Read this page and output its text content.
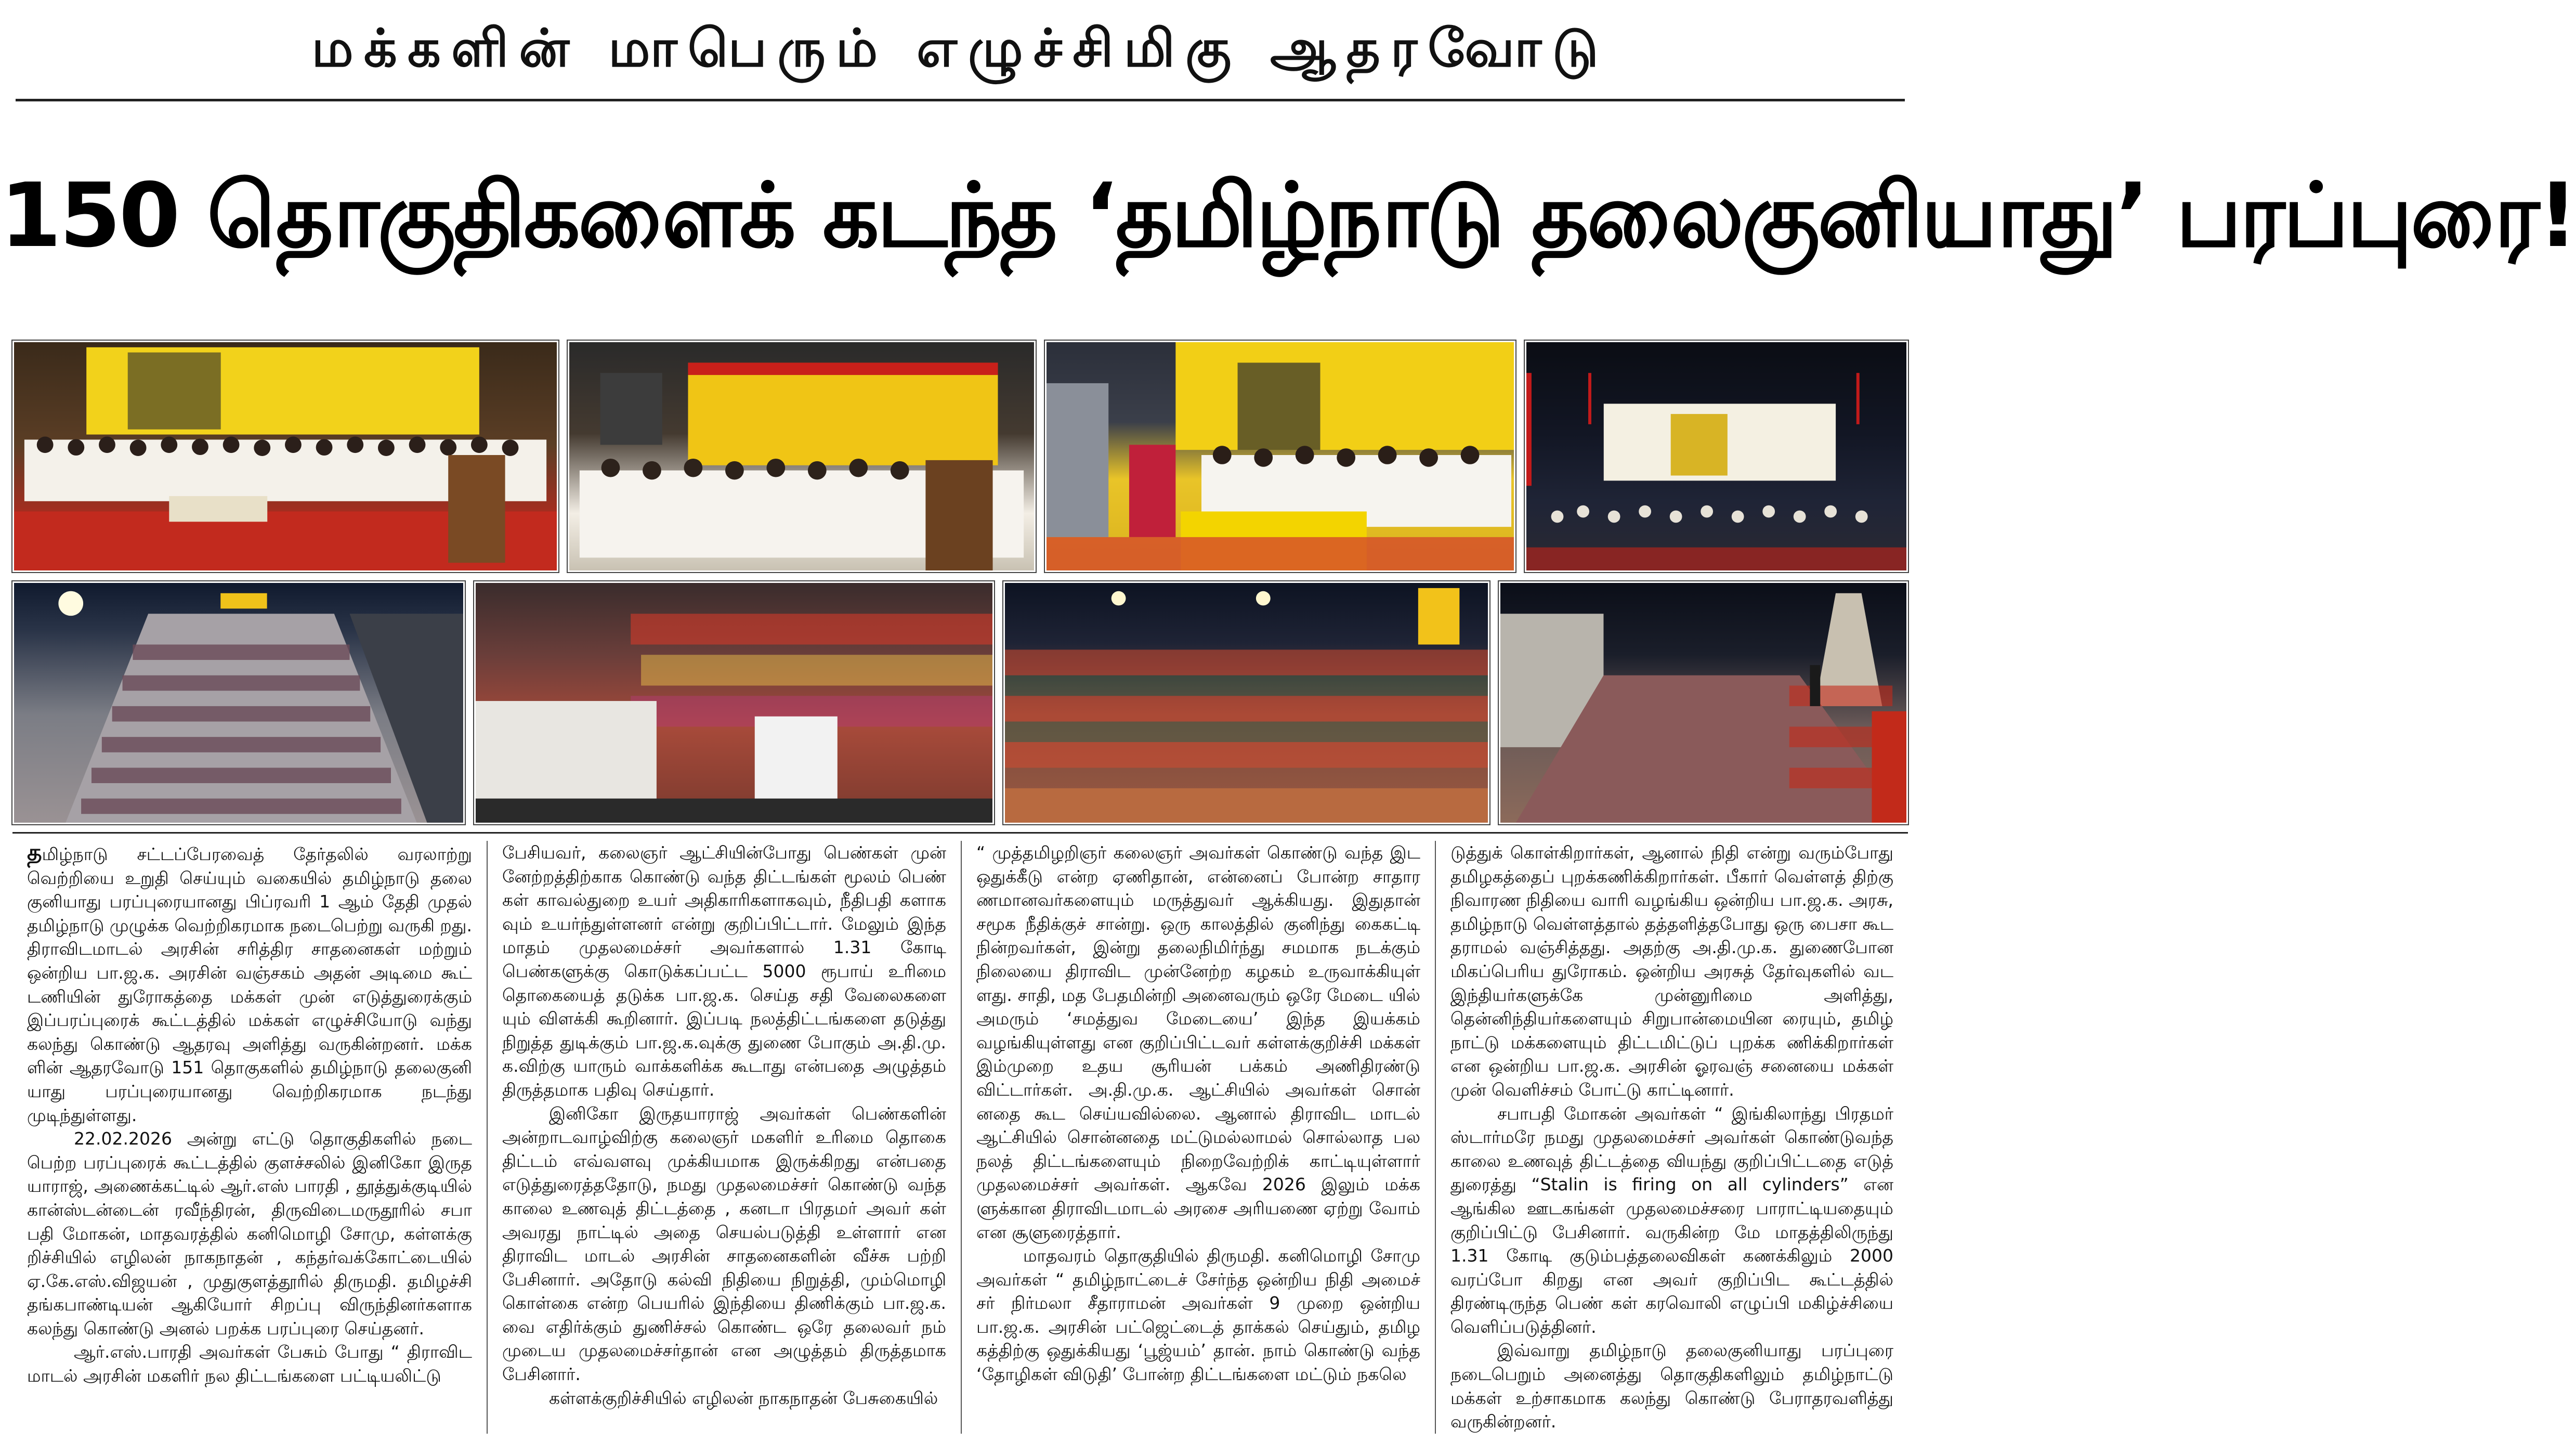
மக்களின் மாபெரும் எழுச்சிமிகு ஆதரவோடு
150 தொகுதிகளைக் கடந்த ‘தமிழ்நாடு தலைகுனியாது’ பரப்புரை!

தமிழ்நாடு சட்டப்பேரவைத் தேர்தலில் வரலாற்று வெற்றியை உறுதி செய்யும் வகையில் தமிழ்நாடு தலை குனியாது பரப்புரையானது பிப்ரவரி 1 ஆம் தேதி முதல் தமிழ்நாடு முழுக்க வெற்றிகரமாக நடைபெற்று வருகி றது. திராவிடமாடல் அரசின் சரித்திர சாதனைகள் மற்றும் ஒன்றிய பா.ஜ.க. அரசின் வஞ்சகம் அதன் அடிமை கூட் டணியின் துரோகத்தை மக்கள் முன் எடுத்துரைக்கும் இப்பரப்புரைக் கூட்டத்தில் மக்கள் எழுச்சியோடு வந்து கலந்து கொண்டு ஆதரவு அளித்து வருகின்றனர். மக்க ளின் ஆதரவோடு 151 தொகுகளில் தமிழ்நாடு தலைகுனி யாது பரப்புரையானது வெற்றிகரமாக நடந்து முடிந்துள்ளது.

22.02.2026 அன்று எட்டு தொகுதிகளில் நடை பெற்ற பரப்புரைக் கூட்டத்தில் குளச்சலில் இனிகோ இருத யாராஜ், அணைக்கட்டில் ஆர்.எஸ் பாரதி , தூத்துக்குடியில் கான்ஸ்டன்டைன் ரவீந்திரன், திருவிடைமருதூரில் சபா பதி மோகன், மாதவரத்தில் கனிமொழி சோமு, கள்ளக்கு றிச்சியில் எழிலன் நாகநாதன் , கந்தர்வக்கோட்டையில் ஏ.கே.எஸ்.விஜயன் , முதுகுளத்தூரில் திருமதி. தமிழச்சி தங்கபாண்டியன் ஆகியோர் சிறப்பு விருந்தினர்களாக கலந்து கொண்டு அனல் பறக்க பரப்புரை செய்தனர்.

ஆர்.எஸ்.பாரதி அவர்கள் பேசும் போது “ திராவிட மாடல் அரசின் மகளிர் நல திட்டங்களை பட்டியலிட்டு

பேசியவர், கலைஞர் ஆட்சியின்போது பெண்கள் முன் னேற்றத்திற்காக கொண்டு வந்த திட்டங்கள் மூலம் பெண் கள் காவல்துறை உயர் அதிகாரிகளாகவும், நீதிபதி களாக வும் உயர்ந்துள்ளனர் என்று குறிப்பிட்டார். மேலும் இந்த மாதம் முதலமைச்சர் அவர்களால் 1.31 கோடி பெண்களுக்கு கொடுக்கப்பட்ட 5000 ரூபாய் உரிமை தொகையைத் தடுக்க பா.ஜ.க. செய்த சதி வேலைகளை யும் விளக்கி கூறினார். இப்படி நலத்திட்டங்களை தடுத்து நிறுத்த துடிக்கும் பா.ஜ.க.வுக்கு துணை போகும் அ.தி.மு. க.விற்கு யாரும் வாக்களிக்க கூடாது என்பதை அழுத்தம் திருத்தமாக பதிவு செய்தார்.

இனிகோ இருதயாராஜ் அவர்கள் பெண்களின் அன்றாடவாழ்விற்கு கலைஞர் மகளிர் உரிமை தொகை திட்டம் எவ்வளவு முக்கியமாக இருக்கிறது என்பதை எடுத்துரைத்ததோடு, நமது முதலமைச்சர் கொண்டு வந்த காலை உணவுத் திட்டத்தை , கனடா பிரதமர் அவர் கள் அவரது நாட்டில் அதை செயல்படுத்தி உள்ளார் என திராவிட மாடல் அரசின் சாதனைகளின் வீச்சு பற்றி பேசினார். அதோடு கல்வி நிதியை நிறுத்தி, மும்மொழி கொள்கை என்ற பெயரில் இந்தியை திணிக்கும் பா.ஜ.க. வை எதிர்க்கும் துணிச்சல் கொண்ட ஒரே தலைவர் நம் முடைய முதலமைச்சர்தான் என அழுத்தம் திருத்தமாக பேசினார்.

கள்ளக்குறிச்சியில் எழிலன் நாகநாதன் பேசுகையில்

“ முத்தமிழறிஞர் கலைஞர் அவர்கள் கொண்டு வந்த இட ஒதுக்கீடு என்ற ஏணிதான், என்னைப் போன்ற சாதார ணமானவர்களையும் மருத்துவர் ஆக்கியது. இதுதான் சமூக நீதிக்குச் சான்று. ஒரு காலத்தில் குனிந்து கைகட்டி நின்றவர்கள், இன்று தலைநிமிர்ந்து சமமாக நடக்கும் நிலையை திராவிட முன்னேற்ற கழகம் உருவாக்கியுள் ளது. சாதி, மத பேதமின்றி அனைவரும் ஒரே மேடை யில் அமரும் ‘சமத்துவ மேடையை’ இந்த இயக்கம் வழங்கியுள்ளது என குறிப்பிட்டவர் கள்ளக்குறிச்சி மக்கள் இம்முறை உதய சூரியன் பக்கம் அணிதிரண்டு விட்டார்கள். அ.தி.மு.க. ஆட்சியில் அவர்கள் சொன் னதை கூட செய்யவில்லை. ஆனால் திராவிட மாடல் ஆட்சியில் சொன்னதை மட்டுமல்லாமல் சொல்லாத பல நலத் திட்டங்களையும் நிறைவேற்றிக் காட்டியுள்ளார் முதலமைச்சர் அவர்கள். ஆகவே 2026 இலும் மக்க ளுக்கான திராவிடமாடல் அரசை அரியணை ஏற்று வோம் என சூளுரைத்தார்.

மாதவரம் தொகுதியில் திருமதி. கனிமொழி சோமு அவர்கள் “ தமிழ்நாட்டைச் சேர்ந்த ஒன்றிய நிதி அமைச் சர் நிர்மலா சீதாராமன் அவர்கள் 9 முறை ஒன்றிய பா.ஜ.க. அரசின் பட்ஜெட்டைத் தாக்கல் செய்தும், தமிழ கத்திற்கு ஒதுக்கியது ‘பூஜ்யம்’ தான். நாம் கொண்டு வந்த ‘தோழிகள் விடுதி’ போன்ற திட்டங்களை மட்டும் நகலெ

டுத்துக் கொள்கிறார்கள், ஆனால் நிதி என்று வரும்போது தமிழகத்தைப் புறக்கணிக்கிறார்கள். பீகார் வெள்ளத் திற்கு நிவாரண நிதியை வாரி வழங்கிய ஒன்றிய பா.ஜ.க. அரசு, தமிழ்நாடு வெள்ளத்தால் தத்தளித்தபோது ஒரு பைசா கூட தராமல் வஞ்சித்தது. அதற்கு அ.தி.மு.க. துணைபோன மிகப்பெரிய துரோகம். ஒன்றிய அரசுத் தேர்வுகளில் வட இந்தியர்களுக்கே முன்னுரிமை அளித்து, தென்னிந்தியர்களையும் சிறுபான்மையின ரையும், தமிழ் நாட்டு மக்களையும் திட்டமிட்டுப் புறக்க ணிக்கிறார்கள் என ஒன்றிய பா.ஜ.க. அரசின் ஓரவஞ் சனையை மக்கள் முன் வெளிச்சம் போட்டு காட்டினார்.

சபாபதி மோகன் அவர்கள் “ இங்கிலாந்து பிரதமர் ஸ்டார்மரே நமது முதலமைச்சர் அவர்கள் கொண்டுவந்த காலை உணவுத் திட்டத்தை வியந்து குறிப்பிட்டதை எடுத் துரைத்து “Stalin is firing on all cylinders” என ஆங்கில ஊடகங்கள் முதலமைச்சரை பாராட்டியதையும் குறிப்பிட்டு பேசினார். வருகின்ற மே மாதத்திலிருந்து 1.31 கோடி குடும்பத்தலைவிகள் கணக்கிலும் 2000 வரப்போ கிறது என அவர் குறிப்பிட கூட்டத்தில் திரண்டிருந்த பெண் கள் கரவொலி எழுப்பி மகிழ்ச்சியை வெளிப்படுத்தினர்.

இவ்வாறு தமிழ்நாடு தலைகுனியாது பரப்புரை நடைபெறும் அனைத்து தொகுதிகளிலும் தமிழ்நாட்டு மக்கள் உற்சாகமாக கலந்து கொண்டு பேராதரவளித்து வருகின்றனர்.
